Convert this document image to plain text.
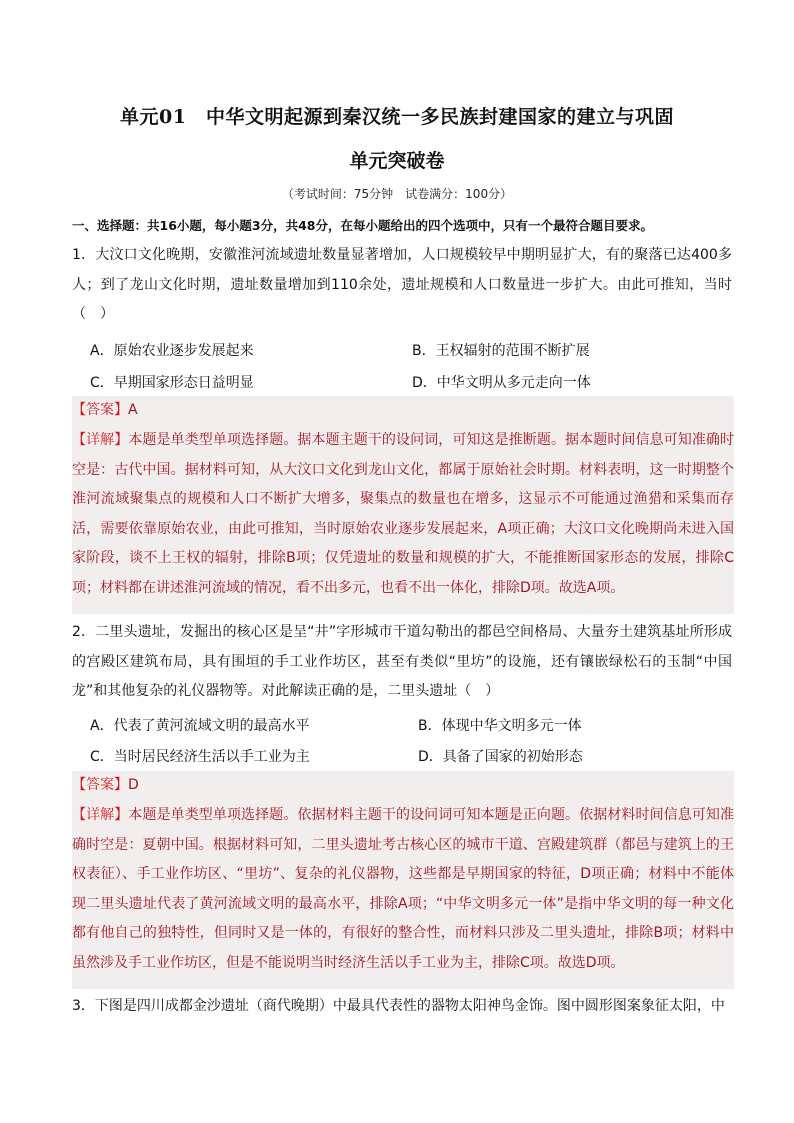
单元01　中华文明起源到秦汉统一多民族封建国家的建立与巩固
单元突破卷
（考试时间：75分钟　试卷满分：100分）
一、选择题：共16小题，每小题3分，共48分，在每小题给出的四个选项中，只有一个最符合题目要求。
1．大汶口文化晚期，安徽淮河流域遗址数量显著增加，人口规模较早中期明显扩大，有的聚落已达400多人；到了龙山文化时期，遗址数量增加到110余处，遗址规模和人口数量进一步扩大。由此可推知，当时（　）
A．原始农业逐步发展起来	B．王权辐射的范围不断扩展
C．早期国家形态日益明显	D．中华文明从多元走向一体
【答案】A
【详解】本题是单类型单项选择题。据本题主题干的设问词，可知这是推断题。据本题时间信息可知准确时空是：古代中国。据材料可知，从大汶口文化到龙山文化，都属于原始社会时期。材料表明，这一时期整个淮河流域聚集点的规模和人口不断扩大增多，聚集点的数量也在增多，这显示不可能通过渔猎和采集而存活，需要依靠原始农业，由此可推知，当时原始农业逐步发展起来，A项正确；大汶口文化晚期尚未进入国家阶段，谈不上王权的辐射，排除B项；仅凭遗址的数量和规模的扩大，不能推断国家形态的发展，排除C项；材料都在讲述淮河流域的情况，看不出多元，也看不出一体化，排除D项。故选A项。
2．二里头遗址，发掘出的核心区是呈“井”字形城市干道勾勒出的都邑空间格局、大量夯土建筑基址所形成的宫殿区建筑布局，具有围垣的手工业作坊区，甚至有类似“里坊”的设施，还有镶嵌绿松石的玉制“中国龙”和其他复杂的礼仪器物等。对此解读正确的是，二里头遗址（　）
A．代表了黄河流域文明的最高水平	B．体现中华文明多元一体
C．当时居民经济生活以手工业为主	D．具备了国家的初始形态
【答案】D
【详解】本题是单类型单项选择题。依据材料主题干的设问词可知本题是正向题。依据材料时间信息可知准确时空是：夏朝中国。根据材料可知，二里头遗址考古核心区的城市干道、宫殿建筑群（都邑与建筑上的王权表征）、手工业作坊区、“里坊”、复杂的礼仪器物，这些都是早期国家的特征，D项正确；材料中不能体现二里头遗址代表了黄河流域文明的最高水平，排除A项；“中华文明多元一体”是指中华文明的每一种文化都有他自己的独特性，但同时又是一体的，有很好的整合性，而材料只涉及二里头遗址，排除B项；材料中虽然涉及手工业作坊区，但是不能说明当时经济生活以手工业为主，排除C项。故选D项。
3．下图是四川成都金沙遗址（商代晚期）中最具代表性的器物太阳神鸟金饰。图中圆形图案象征太阳，中
